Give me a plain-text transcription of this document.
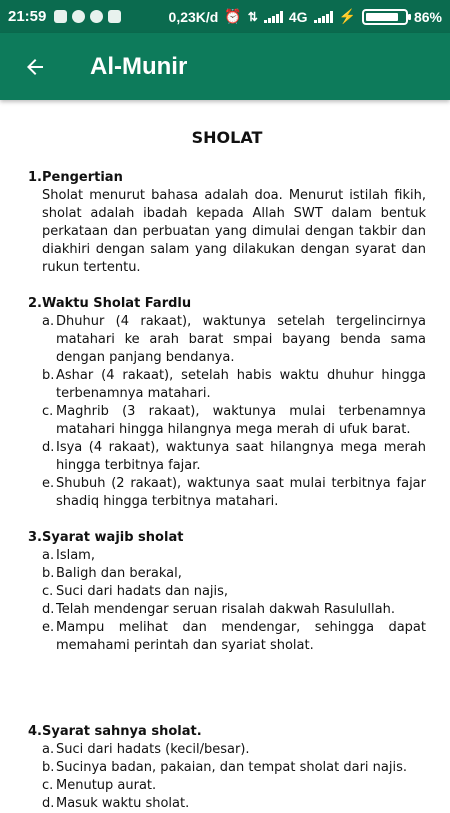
21:59	0,23K/d ⏰ ⇅ 4G ⚡	86%
Al-Munir
SHOLAT
1. Pengertian
Sholat menurut bahasa adalah doa. Menurut istilah fikih, sholat adalah ibadah kepada Allah SWT dalam bentuk perkataan dan perbuatan yang dimulai dengan takbir dan diakhiri dengan salam yang dilakukan dengan syarat dan rukun tertentu.
2. Waktu Sholat Fardlu
a. Dhuhur (4 rakaat), waktunya setelah tergelincirnya matahari ke arah barat smpai bayang benda sama dengan panjang bendanya.
b. Ashar (4 rakaat), setelah habis waktu dhuhur hingga terbenamnya matahari.
c. Maghrib (3 rakaat), waktunya mulai terbenamnya matahari hingga hilangnya mega merah di ufuk barat.
d. Isya (4 rakaat), waktunya saat hilangnya mega merah hingga terbitnya fajar.
e. Shubuh (2 rakaat), waktunya saat mulai terbitnya fajar shadiq hingga terbitnya matahari.
3. Syarat wajib sholat
a. Islam,
b. Baligh dan berakal,
c. Suci dari hadats dan najis,
d. Telah mendengar seruan risalah dakwah Rasulullah.
e. Mampu melihat dan mendengar, sehingga dapat memahami perintah dan syariat sholat.
4. Syarat sahnya sholat.
a. Suci dari hadats (kecil/besar).
b. Sucinya badan, pakaian, dan tempat sholat dari najis.
c. Menutup aurat.
d. Masuk waktu sholat.
